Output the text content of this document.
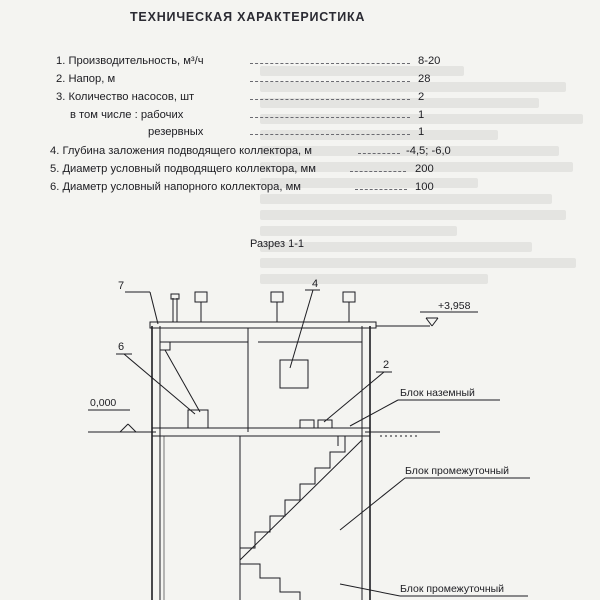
ТЕХНИЧЕСКАЯ ХАРАКТЕРИСТИКА
1. Производительность, м³/ч	8-20
2. Напор, м	28
3. Количество насосов, шт	2
в том числе : рабочих	1
резервных	1
4. Глубина заложения подводящего коллектора, м	-4,5; -6,0
5. Диаметр условный подводящего коллектора, мм	200
6. Диаметр условный напорного коллектора, мм	100
Разрез 1-1
7	4
6
2
+3,958
0,000
Блок наземный
Блок промежуточный
Блок промежуточный
